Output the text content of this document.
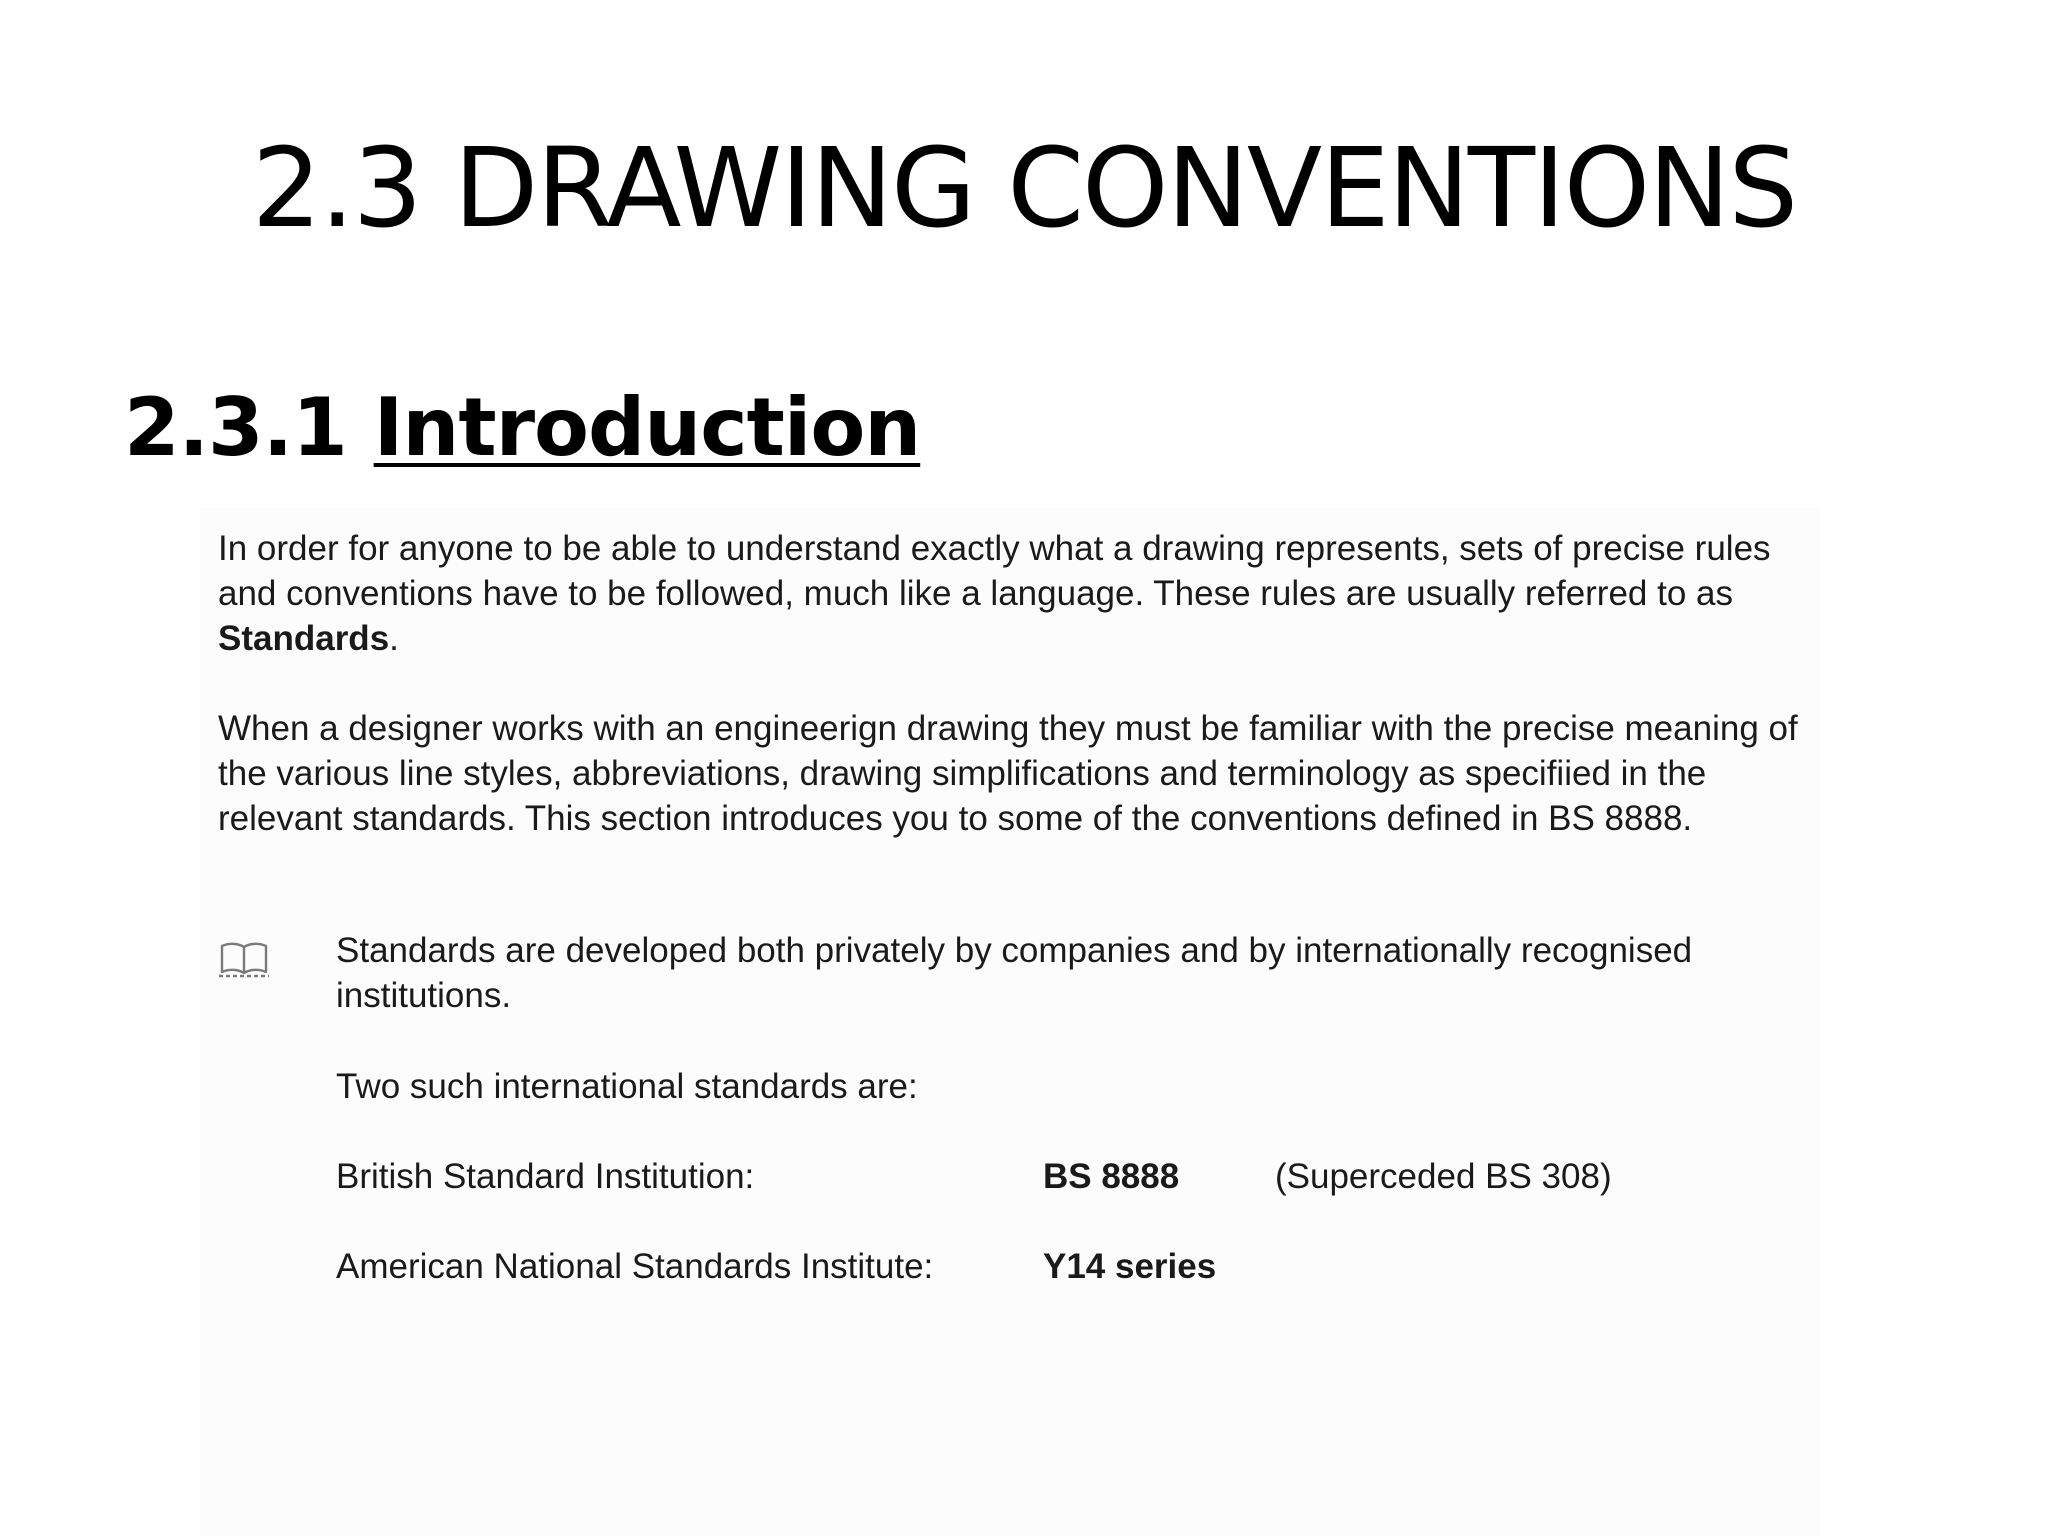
2.3 DRAWING CONVENTIONS
2.3.1 Introduction

In order for anyone to be able to understand exactly what a drawing represents, sets of precise rules and conventions have to be followed, much like a language. These rules are usually referred to as Standards.

When a designer works with an engineerign drawing they must be familiar with the precise meaning of the various line styles, abbreviations, drawing simplifications and terminology as specifiied in the relevant standards. This section introduces you to some of the conventions defined in BS 8888.

Standards are developed both privately by companies and by internationally recognised institutions.

Two such international standards are:

British Standard Institution:	BS 8888	(Superceded BS 308)
American National Standards Institute:	Y14 series
